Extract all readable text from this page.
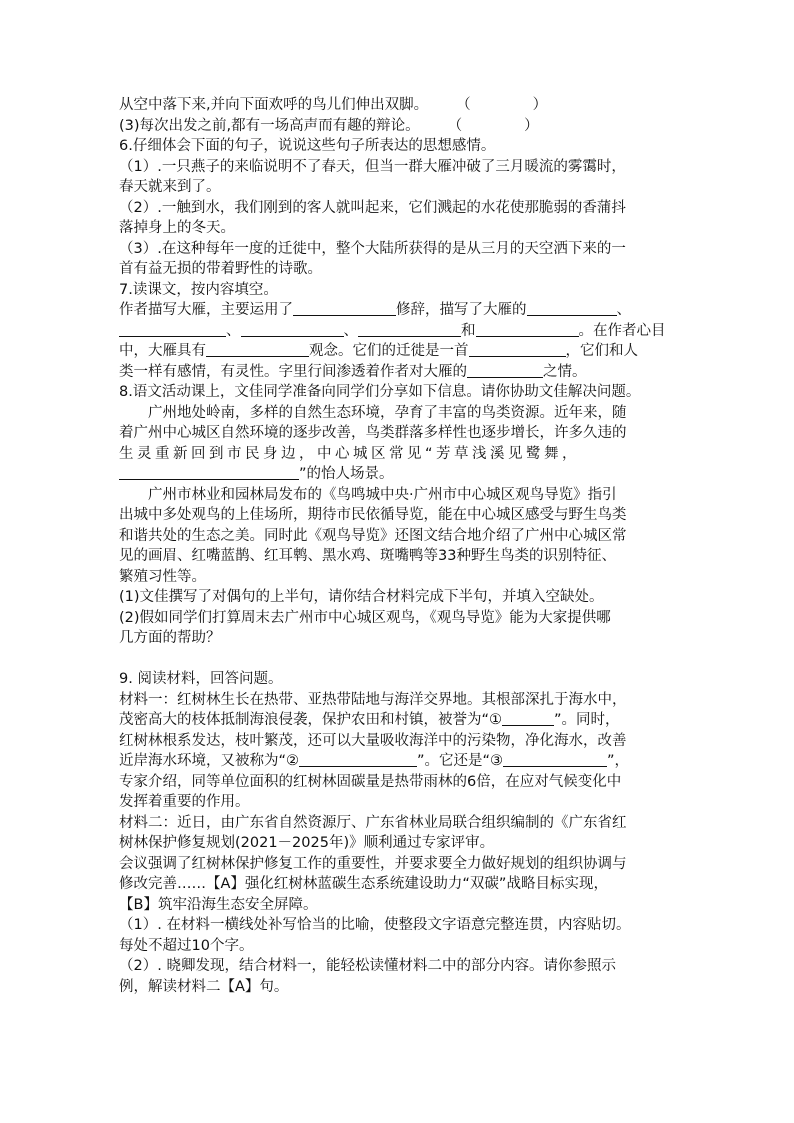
从空中落下来,并向下面欢呼的鸟儿们伸出双脚。 （	）
(3)每次出发之前,都有一场高声而有趣的辩论。 （	）
6.仔细体会下面的句子，说说这些句子所表达的思想感情。
（1）.一只燕子的来临说明不了春天，但当一群大雁冲破了三月暖流的雾霭时，
春天就来到了。
（2）.一触到水，我们刚到的客人就叫起来，它们溅起的水花使那脆弱的香蒲抖
落掉身上的冬天。
（3）.在这种每年一度的迁徙中，整个大陆所获得的是从三月的天空洒下来的一
首有益无损的带着野性的诗歌。
7.读课文，按内容填空。
作者描写大雁，主要运用了	修辞，描写了大雁的	、
、	、	和	。在作者心目
中，大雁具有	观念。它们的迁徙是一首	，它们和人
类一样有感情，有灵性。字里行间渗透着作者对大雁的	之情。
8.语文活动课上，文佳同学准备向同学们分享如下信息。请你协助文佳解决问题。
广州地处岭南，多样的自然生态环境，孕育了丰富的鸟类资源。近年来，随
着广州中心城区自然环境的逐步改善，鸟类群落多样性也逐步增长，许多久违的
生灵重新回到市民身边，中心城区常见“芳草浅溪见鹭舞，
”的怡人场景。
广州市林业和园林局发布的《鸟鸣城中央·广州市中心城区观鸟导览》指引
出城中多处观鸟的上佳场所，期待市民依循导览，能在中心城区感受与野生鸟类
和谐共处的生态之美。同时此《观鸟导览》还图文结合地介绍了广州中心城区常
见的画眉、红嘴蓝鹊、红耳鹎、黑水鸡、斑嘴鸭等33种野生鸟类的识别特征、
繁殖习性等。
(1)文佳撰写了对偶句的上半句，请你结合材料完成下半句，并填入空缺处。
(2)假如同学们打算周末去广州市中心城区观鸟，《观鸟导览》能为大家提供哪
几方面的帮助？
9. 阅读材料，回答问题。
材料一：红树林生长在热带、亚热带陆地与海洋交界地。其根部深扎于海水中，
茂密高大的枝体抵制海浪侵袭，保护农田和村镇，被誉为“①	”。同时，
红树林根系发达，枝叶繁茂，还可以大量吸收海洋中的污染物，净化海水，改善
近岸海水环境，又被称为“②	”。它还是“③	”，
专家介绍，同等单位面积的红树林固碳量是热带雨林的6倍，在应对气候变化中
发挥着重要的作用。
材料二：近日，由广东省自然资源厅、广东省林业局联合组织编制的《广东省红
树林保护修复规划(2021－2025年)》顺利通过专家评审。
会议强调了红树林保护修复工作的重要性，并要求要全力做好规划的组织协调与
修改完善……【A】强化红树林蓝碳生态系统建设助力“双碳”战略目标实现，
【B】筑牢沿海生态安全屏障。
（1）. 在材料一横线处补写恰当的比喻，使整段文字语意完整连贯，内容贴切。
每处不超过10个字。
（2）. 晓卿发现，结合材料一，能轻松读懂材料二中的部分内容。请你参照示
例，解读材料二【A】句。
